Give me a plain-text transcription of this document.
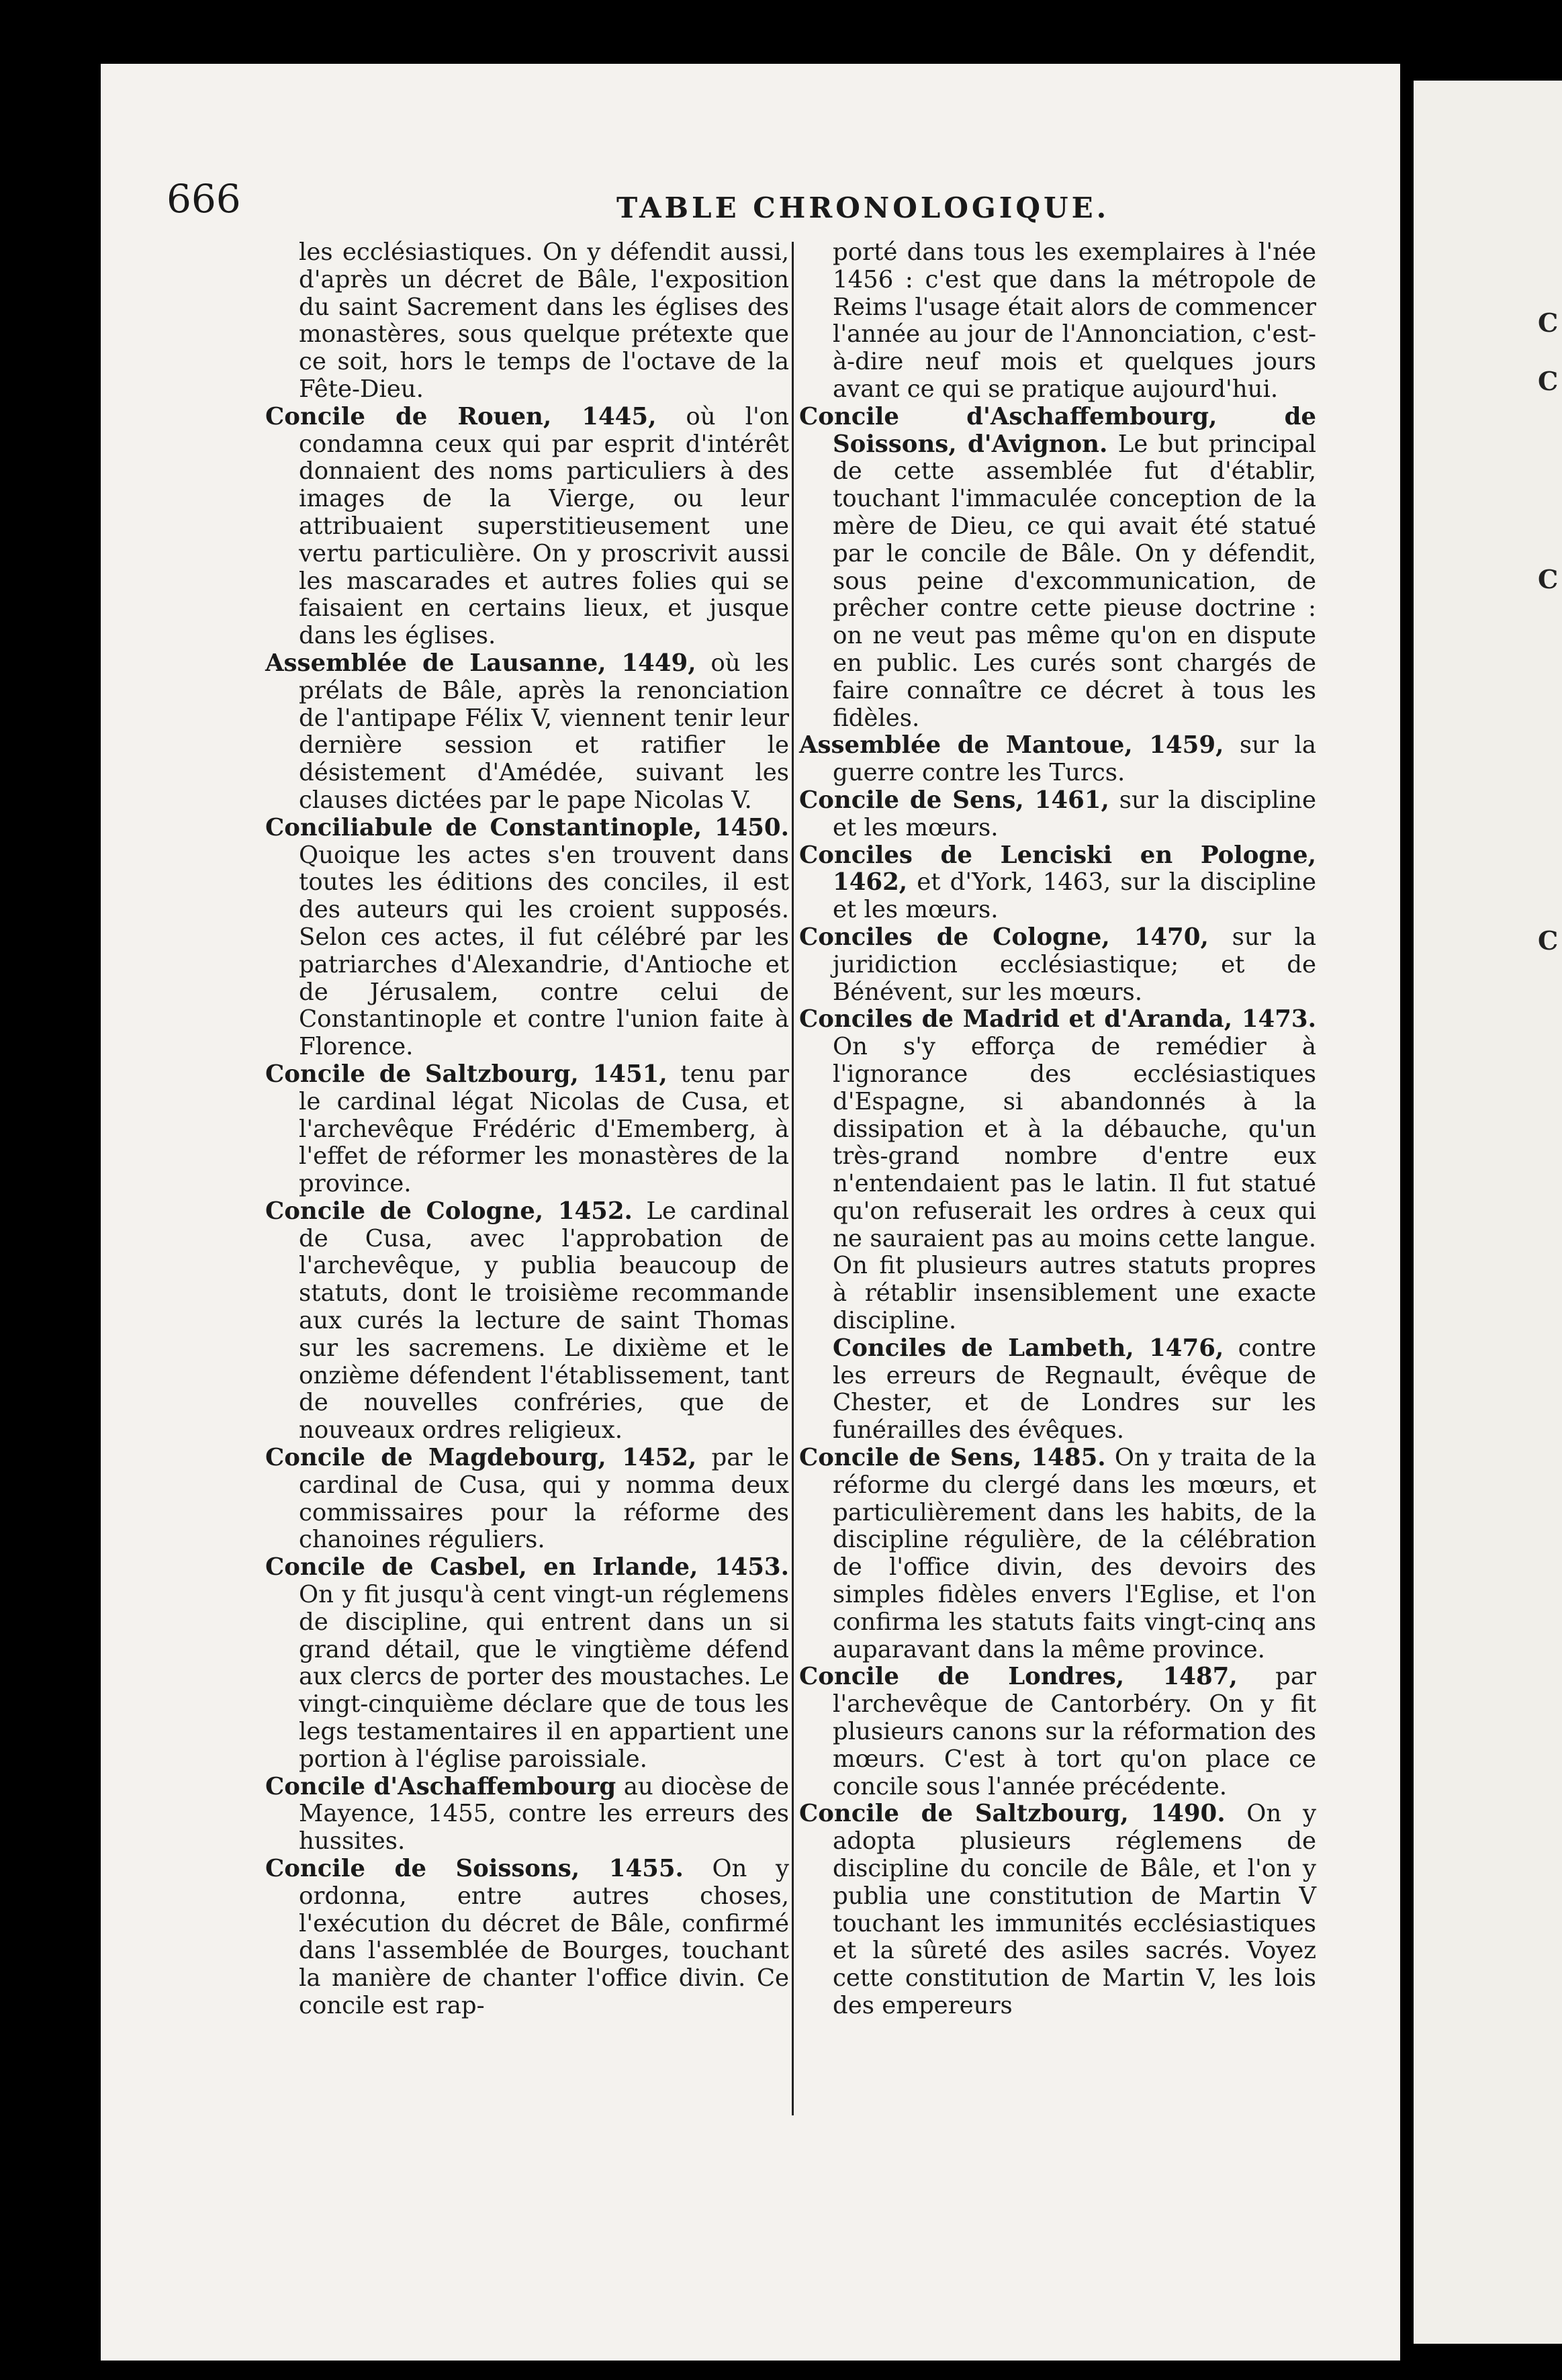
C
C
C
C
666	TABLE CHRONOLOGIQUE.

les ecclésiastiques. On y défendit aussi, d'après un décret de Bâle, l'exposition du saint Sacrement dans les églises des monastères, sous quelque prétexte que ce soit, hors le temps de l'octave de la Fête-Dieu.

Concile de Rouen, 1445, où l'on condamna ceux qui par esprit d'intérêt donnaient des noms particuliers à des images de la Vierge, ou leur attribuaient superstitieusement une vertu particulière. On y proscrivit aussi les mascarades et autres folies qui se faisaient en certains lieux, et jusque dans les églises.

Assemblée de Lausanne, 1449, où les prélats de Bâle, après la renonciation de l'antipape Félix V, viennent tenir leur dernière session et ratifier le désistement d'Amédée, suivant les clauses dictées par le pape Nicolas V.

Conciliabule de Constantinople, 1450. Quoique les actes s'en trouvent dans toutes les éditions des conciles, il est des auteurs qui les croient supposés. Selon ces actes, il fut célébré par les patriarches d'Alexandrie, d'Antioche et de Jérusalem, contre celui de Constantinople et contre l'union faite à Florence.

Concile de Saltzbourg, 1451, tenu par le cardinal légat Nicolas de Cusa, et l'archevêque Frédéric d'Ememberg, à l'effet de réformer les monastères de la province.

Concile de Cologne, 1452. Le cardinal de Cusa, avec l'approbation de l'archevêque, y publia beaucoup de statuts, dont le troisième recommande aux curés la lecture de saint Thomas sur les sacremens. Le dixième et le onzième défendent l'établissement, tant de nouvelles confréries, que de nouveaux ordres religieux.

Concile de Magdebourg, 1452, par le cardinal de Cusa, qui y nomma deux commissaires pour la réforme des chanoines réguliers.

Concile de Casbel, en Irlande, 1453. On y fit jusqu'à cent vingt-un réglemens de discipline, qui entrent dans un si grand détail, que le vingtième défend aux clercs de porter des moustaches. Le vingt-cinquième déclare que de tous les legs testamentaires il en appartient une portion à l'église paroissiale.

Concile d'Aschaffembourg au diocèse de Mayence, 1455, contre les erreurs des hussites.

Concile de Soissons, 1455. On y ordonna, entre autres choses, l'exécution du décret de Bâle, confirmé dans l'assemblée de Bourges, touchant la manière de chanter l'office divin. Ce concile est rap-

porté dans tous les exemplaires à l'née 1456 : c'est que dans la métropole de Reims l'usage était alors de commencer l'année au jour de l'Annonciation, c'est-à-dire neuf mois et quelques jours avant ce qui se pratique aujourd'hui.

Concile d'Aschaffembourg, de Soissons, d'Avignon. Le but principal de cette assemblée fut d'établir, touchant l'immaculée conception de la mère de Dieu, ce qui avait été statué par le concile de Bâle. On y défendit, sous peine d'excommunication, de prêcher contre cette pieuse doctrine : on ne veut pas même qu'on en dispute en public. Les curés sont chargés de faire connaître ce décret à tous les fidèles.

Assemblée de Mantoue, 1459, sur la guerre contre les Turcs.

Concile de Sens, 1461, sur la discipline et les mœurs.

Conciles de Lenciski en Pologne, 1462, et d'York, 1463, sur la discipline et les mœurs.

Conciles de Cologne, 1470, sur la juridiction ecclésiastique; et de Bénévent, sur les mœurs.

Conciles de Madrid et d'Aranda, 1473. On s'y efforça de remédier à l'ignorance des ecclésiastiques d'Espagne, si abandonnés à la dissipation et à la débauche, qu'un très-grand nombre d'entre eux n'entendaient pas le latin. Il fut statué qu'on refuserait les ordres à ceux qui ne sauraient pas au moins cette langue. On fit plusieurs autres statuts propres à rétablir insensiblement une exacte discipline.

Conciles de Lambeth, 1476, contre les erreurs de Regnault, évêque de Chester, et de Londres sur les funérailles des évêques.

Concile de Sens, 1485. On y traita de la réforme du clergé dans les mœurs, et particulièrement dans les habits, de la discipline régulière, de la célébration de l'office divin, des devoirs des simples fidèles envers l'Eglise, et l'on confirma les statuts faits vingt-cinq ans auparavant dans la même province.

Concile de Londres, 1487, par l'archevêque de Cantorbéry. On y fit plusieurs canons sur la réformation des mœurs. C'est à tort qu'on place ce concile sous l'année précédente.

Concile de Saltzbourg, 1490. On y adopta plusieurs réglemens de discipline du concile de Bâle, et l'on y publia une constitution de Martin V touchant les immunités ecclésiastiques et la sûreté des asiles sacrés. Voyez cette constitution de Martin V, les lois des empereurs
